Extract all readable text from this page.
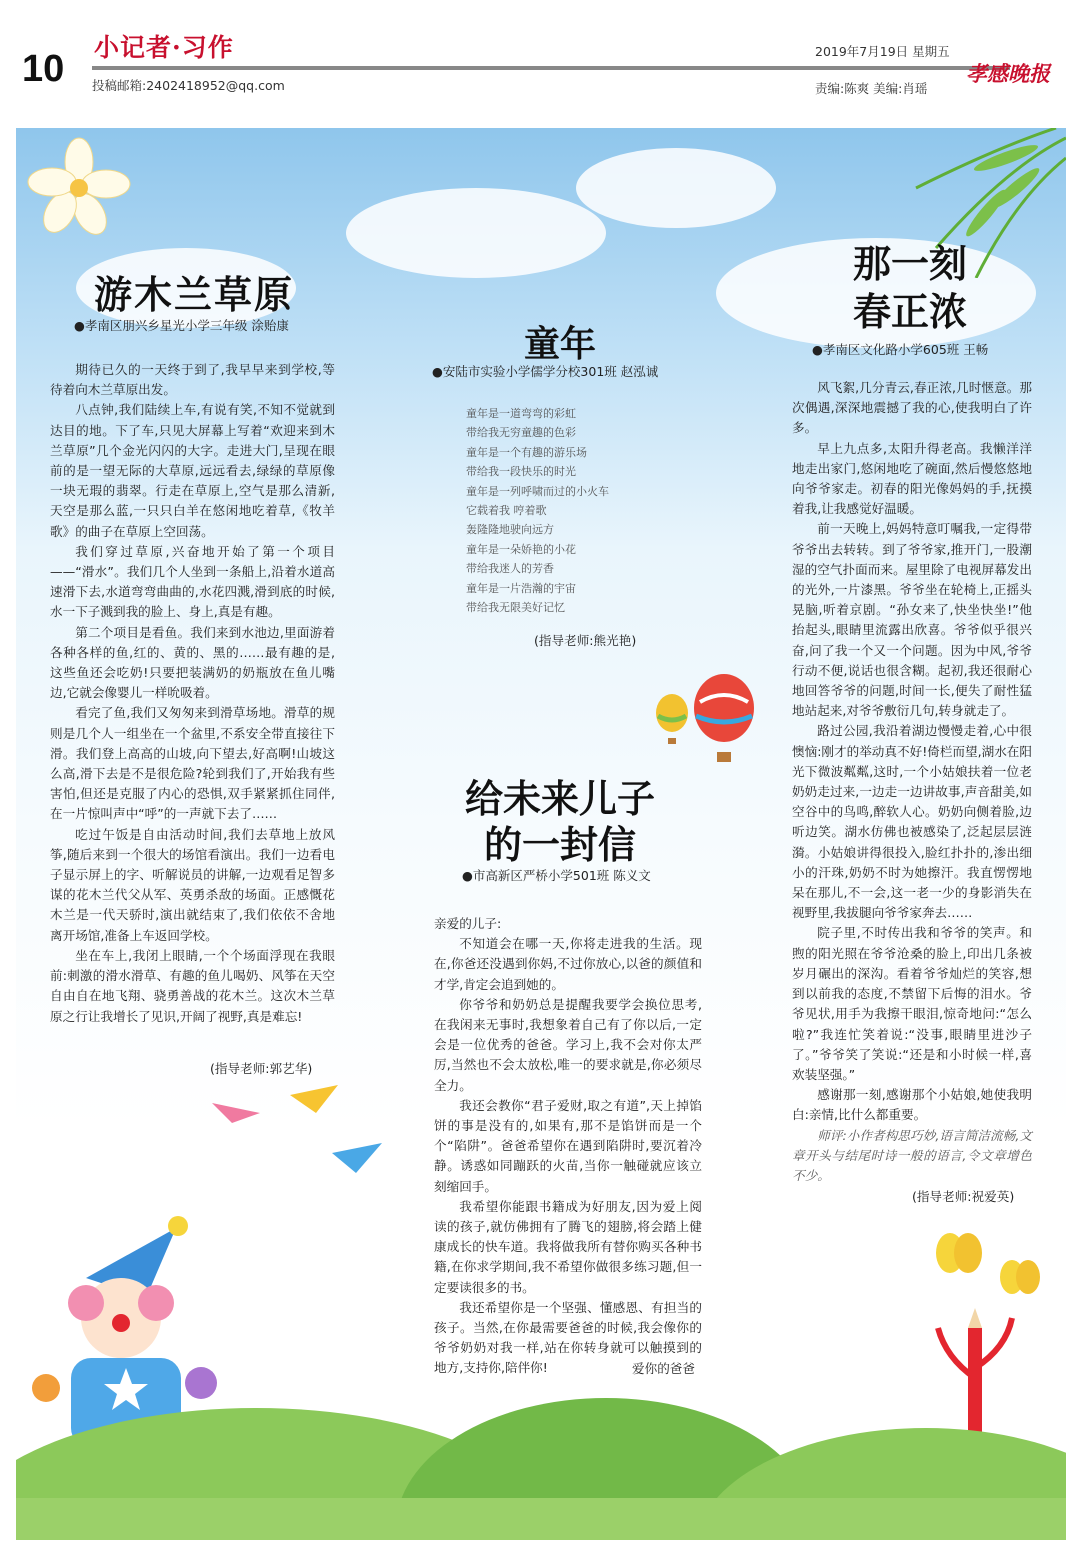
10
小记者·习作
投稿邮箱:2402418952@qq.com
2019年7月19日 星期五
责编:陈爽 美编:肖瑶
孝感晚报
游木兰草原
●孝南区朋兴乡星光小学三年级 涂贻康

期待已久的一天终于到了,我早早来到学校,等待着向木兰草原出发。

八点钟,我们陆续上车,有说有笑,不知不觉就到达目的地。下了车,只见大屏幕上写着“欢迎来到木兰草原”几个金光闪闪的大字。走进大门,呈现在眼前的是一望无际的大草原,远远看去,绿绿的草原像一块无瑕的翡翠。行走在草原上,空气是那么清新,天空是那么蓝,一只只白羊在悠闲地吃着草,《牧羊歌》的曲子在草原上空回荡。

我们穿过草原,兴奋地开始了第一个项目——“滑水”。我们几个人坐到一条船上,沿着水道高速滑下去,水道弯弯曲曲的,水花四溅,滑到底的时候,水一下子溅到我的脸上、身上,真是有趣。

第二个项目是看鱼。我们来到水池边,里面游着各种各样的鱼,红的、黄的、黑的……最有趣的是,这些鱼还会吃奶!只要把装满奶的奶瓶放在鱼儿嘴边,它就会像婴儿一样吮吸着。

看完了鱼,我们又匆匆来到滑草场地。滑草的规则是几个人一组坐在一个盆里,不系安全带直接往下滑。我们登上高高的山坡,向下望去,好高啊!山坡这么高,滑下去是不是很危险?轮到我们了,开始我有些害怕,但还是克服了内心的恐惧,双手紧紧抓住同伴,在一片惊叫声中“呼”的一声就下去了……

吃过午饭是自由活动时间,我们去草地上放风筝,随后来到一个很大的场馆看演出。我们一边看电子显示屏上的字、听解说员的讲解,一边观看足智多谋的花木兰代父从军、英勇杀敌的场面。正感慨花木兰是一代天骄时,演出就结束了,我们依依不舍地离开场馆,准备上车返回学校。

坐在车上,我闭上眼睛,一个个场面浮现在我眼前:刺激的滑水滑草、有趣的鱼儿喝奶、风筝在天空自由自在地飞翔、骁勇善战的花木兰。这次木兰草原之行让我增长了见识,开阔了视野,真是难忘!

(指导老师:郭艺华)
童年
●安陆市实验小学儒学分校301班 赵泓诚
童年是一道弯弯的彩虹
带给我无穷童趣的色彩
童年是一个有趣的游乐场
带给我一段快乐的时光
童年是一列呼啸而过的小火车
它载着我 哼着歌
轰隆隆地驶向远方
童年是一朵娇艳的小花
带给我迷人的芳香
童年是一片浩瀚的宇宙
带给我无限美好记忆
(指导老师:熊光艳)
给未来儿子
的一封信
●市高新区严桥小学501班 陈义文

亲爱的儿子:

不知道会在哪一天,你将走进我的生活。现在,你爸还没遇到你妈,不过你放心,以爸的颜值和才学,肯定会追到她的。

你爷爷和奶奶总是提醒我要学会换位思考,在我闲来无事时,我想象着自己有了你以后,一定会是一位优秀的爸爸。学习上,我不会对你太严厉,当然也不会太放松,唯一的要求就是,你必须尽全力。

我还会教你“君子爱财,取之有道”,天上掉馅饼的事是没有的,如果有,那不是馅饼而是一个个“陷阱”。爸爸希望你在遇到陷阱时,要沉着冷静。诱惑如同蹦跃的火苗,当你一触碰就应该立刻缩回手。

我希望你能跟书籍成为好朋友,因为爱上阅读的孩子,就仿佛拥有了腾飞的翅膀,将会踏上健康成长的快车道。我将做我所有替你购买各种书籍,在你求学期间,我不希望你做很多练习题,但一定要读很多的书。

我还希望你是一个坚强、懂感恩、有担当的孩子。当然,在你最需要爸爸的时候,我会像你的爷爷奶奶对我一样,站在你转身就可以触摸到的地方,支持你,陪伴你!	爱你的爸爸
那一刻
春正浓
●孝南区文化路小学605班 王畅

风飞絮,几分青云,春正浓,几时惬意。那次偶遇,深深地震撼了我的心,使我明白了许多。

早上九点多,太阳升得老高。我懒洋洋地走出家门,悠闲地吃了碗面,然后慢悠悠地向爷爷家走。初春的阳光像妈妈的手,抚摸着我,让我感觉好温暖。

前一天晚上,妈妈特意叮嘱我,一定得带爷爷出去转转。到了爷爷家,推开门,一股潮湿的空气扑面而来。屋里除了电视屏幕发出的光外,一片漆黑。爷爷坐在轮椅上,正摇头晃脑,听着京剧。“孙女来了,快坐快坐!”他抬起头,眼睛里流露出欣喜。爷爷似乎很兴奋,问了我一个又一个问题。因为中风,爷爷行动不便,说话也很含糊。起初,我还很耐心地回答爷爷的问题,时间一长,便失了耐性猛地站起来,对爷爷敷衍几句,转身就走了。

路过公园,我沿着湖边慢慢走着,心中很懊恼:刚才的举动真不好!倚栏而望,湖水在阳光下微波粼粼,这时,一个小姑娘扶着一位老奶奶走过来,一边走一边讲故事,声音甜美,如空谷中的鸟鸣,醉软人心。奶奶向侧着脸,边听边笑。湖水仿佛也被感染了,泛起层层涟漪。小姑娘讲得很投入,脸红扑扑的,渗出细小的汗珠,奶奶不时为她擦汗。我直愣愣地呆在那儿,不一会,这一老一少的身影消失在视野里,我拔腿向爷爷家奔去……

院子里,不时传出我和爷爷的笑声。和煦的阳光照在爷爷沧桑的脸上,印出几条被岁月碾出的深沟。看着爷爷灿烂的笑容,想到以前我的态度,不禁留下后悔的泪水。爷爷见状,用手为我擦干眼泪,惊奇地问:“怎么啦?”我连忙笑着说:“没事,眼睛里进沙子了。”爷爷笑了笑说:“还是和小时候一样,喜欢装坚强。”

感谢那一刻,感谢那个小姑娘,她使我明白:亲情,比什么都重要。

师评:小作者构思巧妙,语言简洁流畅,文章开头与结尾时诗一般的语言,令文章增色不少。

(指导老师:祝爱英)
